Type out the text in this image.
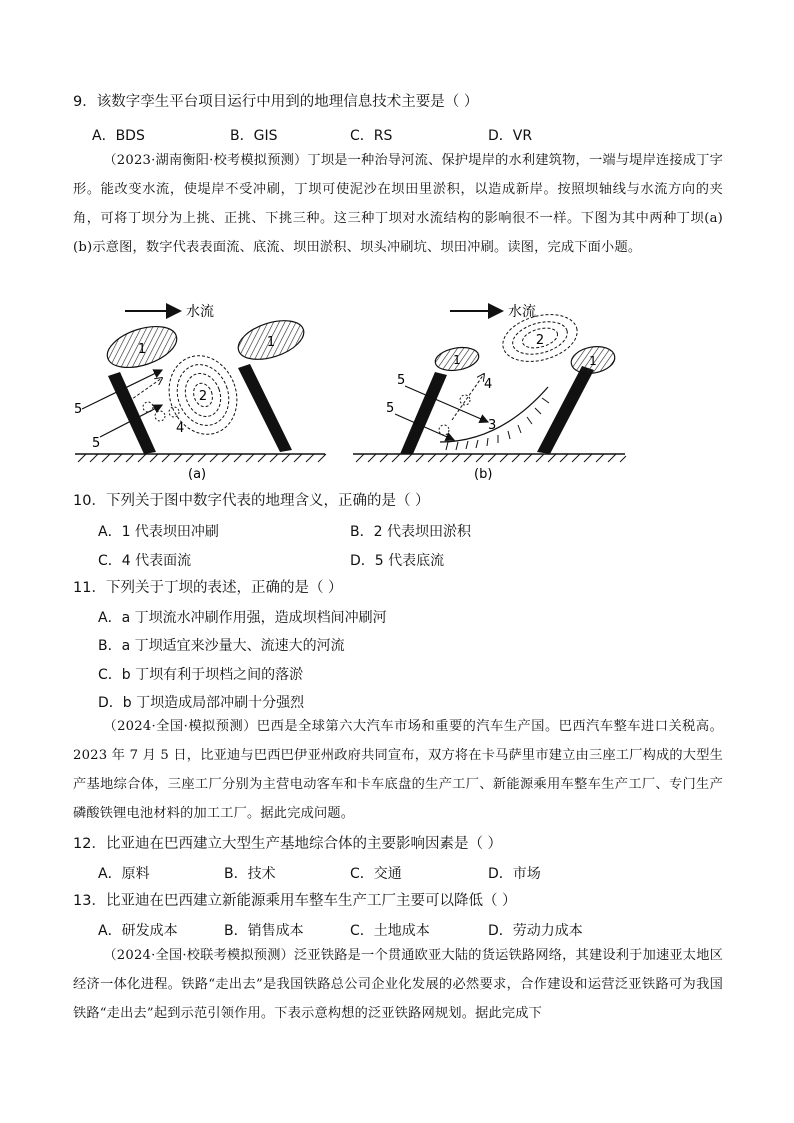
9．该数字孪生平台项目运行中用到的地理信息技术主要是（ ）
A．BDS	B．GIS	C．RS	D．VR
（2023·湖南衡阳·校考模拟预测）丁坝是一种治导河流、保护堤岸的水利建筑物，一端与堤岸连接成丁字形。能改变水流，使堤岸不受冲刷，丁坝可使泥沙在坝田里淤积，以造成新岸。按照坝轴线与水流方向的夹角，可将丁坝分为上挑、正挑、下挑三种。这三种丁坝对水流结构的影响很不一样。下图为其中两种丁坝(a)(b)示意图，数字代表表面流、底流、坝田淤积、坝头冲刷坑、坝田冲刷。读图，完成下面小题。
水流
1	1
2
5
5
4
(a)
水流
1	1
2
3
5
5
4
(b)
10．下列关于图中数字代表的地理含义，正确的是（ ）
A．1 代表坝田冲刷	B．2 代表坝田淤积
C．4 代表面流	D．5 代表底流
11．下列关于丁坝的表述，正确的是（ ）
A．a 丁坝流水冲刷作用强，造成坝档间冲刷河
B．a 丁坝适宜来沙量大、流速大的河流
C．b 丁坝有利于坝档之间的落淤
D．b 丁坝造成局部冲刷十分强烈
（2024·全国·模拟预测）巴西是全球第六大汽车市场和重要的汽车生产国。巴西汽车整车进口关税高。2023 年 7 月 5 日，比亚迪与巴西巴伊亚州政府共同宣布，双方将在卡马萨里市建立由三座工厂构成的大型生产基地综合体，三座工厂分别为主营电动客车和卡车底盘的生产工厂、新能源乘用车整车生产工厂、专门生产磷酸铁锂电池材料的加工工厂。据此完成问题。
12．比亚迪在巴西建立大型生产基地综合体的主要影响因素是（ ）
A．原料	B．技术	C．交通	D．市场
13．比亚迪在巴西建立新能源乘用车整车生产工厂主要可以降低（ ）
A．研发成本	B．销售成本	C．土地成本	D．劳动力成本
（2024·全国·校联考模拟预测）泛亚铁路是一个贯通欧亚大陆的货运铁路网络，其建设利于加速亚太地区经济一体化进程。铁路“走出去”是我国铁路总公司企业化发展的必然要求，合作建设和运营泛亚铁路可为我国铁路“走出去”起到示范引领作用。下表示意构想的泛亚铁路网规划。据此完成下
